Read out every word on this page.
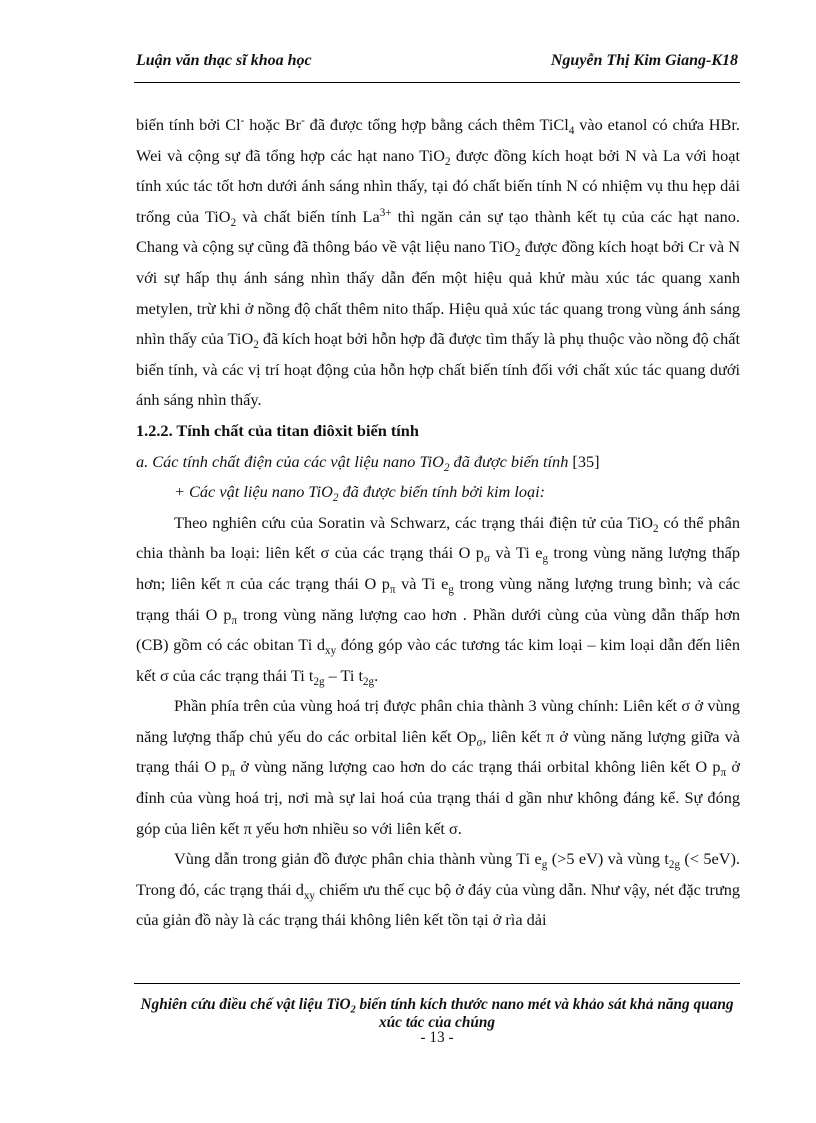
Luận văn thạc sĩ khoa học	Nguyễn Thị Kim Giang-K18

biến tính bởi Cl- hoặc Br- đã được tổng hợp bằng cách thêm TiCl$_4$ vào etanol có chứa HBr. Wei và cộng sự đã tổng hợp các hạt nano TiO$_2$ được đồng kích hoạt bởi N và La với hoạt tính xúc tác tốt hơn dưới ánh sáng nhìn thấy, tại đó chất biến tính N có nhiệm vụ thu hẹp dải trống của TiO$_2$ và chất biến tính $La^{3+}$ thì ngăn cản sự tạo thành kết tụ của các hạt nano. Chang và cộng sự cũng đã thông báo về vật liệu nano TiO$_2$ được đồng kích hoạt bởi Cr và N với sự hấp thụ ánh sáng nhìn thấy dẫn đến một hiệu quả khử màu xúc tác quang xanh metylen, trừ khi ở nồng độ chất thêm nito thấp. Hiệu quả xúc tác quang trong vùng ánh sáng nhìn thấy của TiO$_2$ đã kích hoạt bởi hỗn hợp đã được tìm thấy là phụ thuộc vào nồng độ chất biến tính, và các vị trí hoạt động của hỗn hợp chất biến tính đối với chất xúc tác quang dưới ánh sáng nhìn thấy.

1.2.2. Tính chất của titan điôxit biến tính

a. Các tính chất điện của các vật liệu nano TiO$_2$ đã được biến tính [35]

+ Các vật liệu nano TiO$_2$ đã được biến tính bởi kim loại:

Theo nghiên cứu của Soratin và Schwarz, các trạng thái điện tử của TiO$_2$ có thể phân chia thành ba loại: liên kết σ của các trạng thái O $p_\sigma$ và Ti $e_g$ trong vùng năng lượng thấp hơn; liên kết π của các trạng thái O $p_\pi$ và Ti $e_g$ trong vùng năng lượng trung bình; và các trạng thái O $p_\pi$ trong vùng năng lượng cao hơn . Phần dưới cùng của vùng dẫn thấp hơn (CB) gồm có các obitan Ti $d_{xy}$ đóng góp vào các tương tác kim loại – kim loại dẫn đến liên kết σ của các trạng thái Ti $t_{2g}$ – Ti $t_{2g}$.

Phần phía trên của vùng hoá trị được phân chia thành 3 vùng chính: Liên kết σ ở vùng năng lượng thấp chủ yếu do các orbital liên kết $Op_\sigma$, liên kết π ở vùng năng lượng giữa và trạng thái O $p_\pi$ ở vùng năng lượng cao hơn do các trạng thái orbital không liên kết O $p_\pi$ ở đỉnh của vùng hoá trị, nơi mà sự lai hoá của trạng thái d gần như không đáng kể. Sự đóng góp của liên kết π yếu hơn nhiều so với liên kết σ.

Vùng dẫn trong giản đồ được phân chia thành vùng Ti $e_g$ (>5 eV) và vùng $t_{2g}$ (< 5eV). Trong đó, các trạng thái $d_{xy}$ chiếm ưu thế cục bộ ở đáy của vùng dẫn. Như vậy, nét đặc trưng của giản đồ này là các trạng thái không liên kết tồn tại ở rìa dải

Nghiên cứu điều chế vật liệu TiO$_2$ biến tính kích thước nano mét và khảo sát khả năng quang xúc tác của chúng
- 13 -
